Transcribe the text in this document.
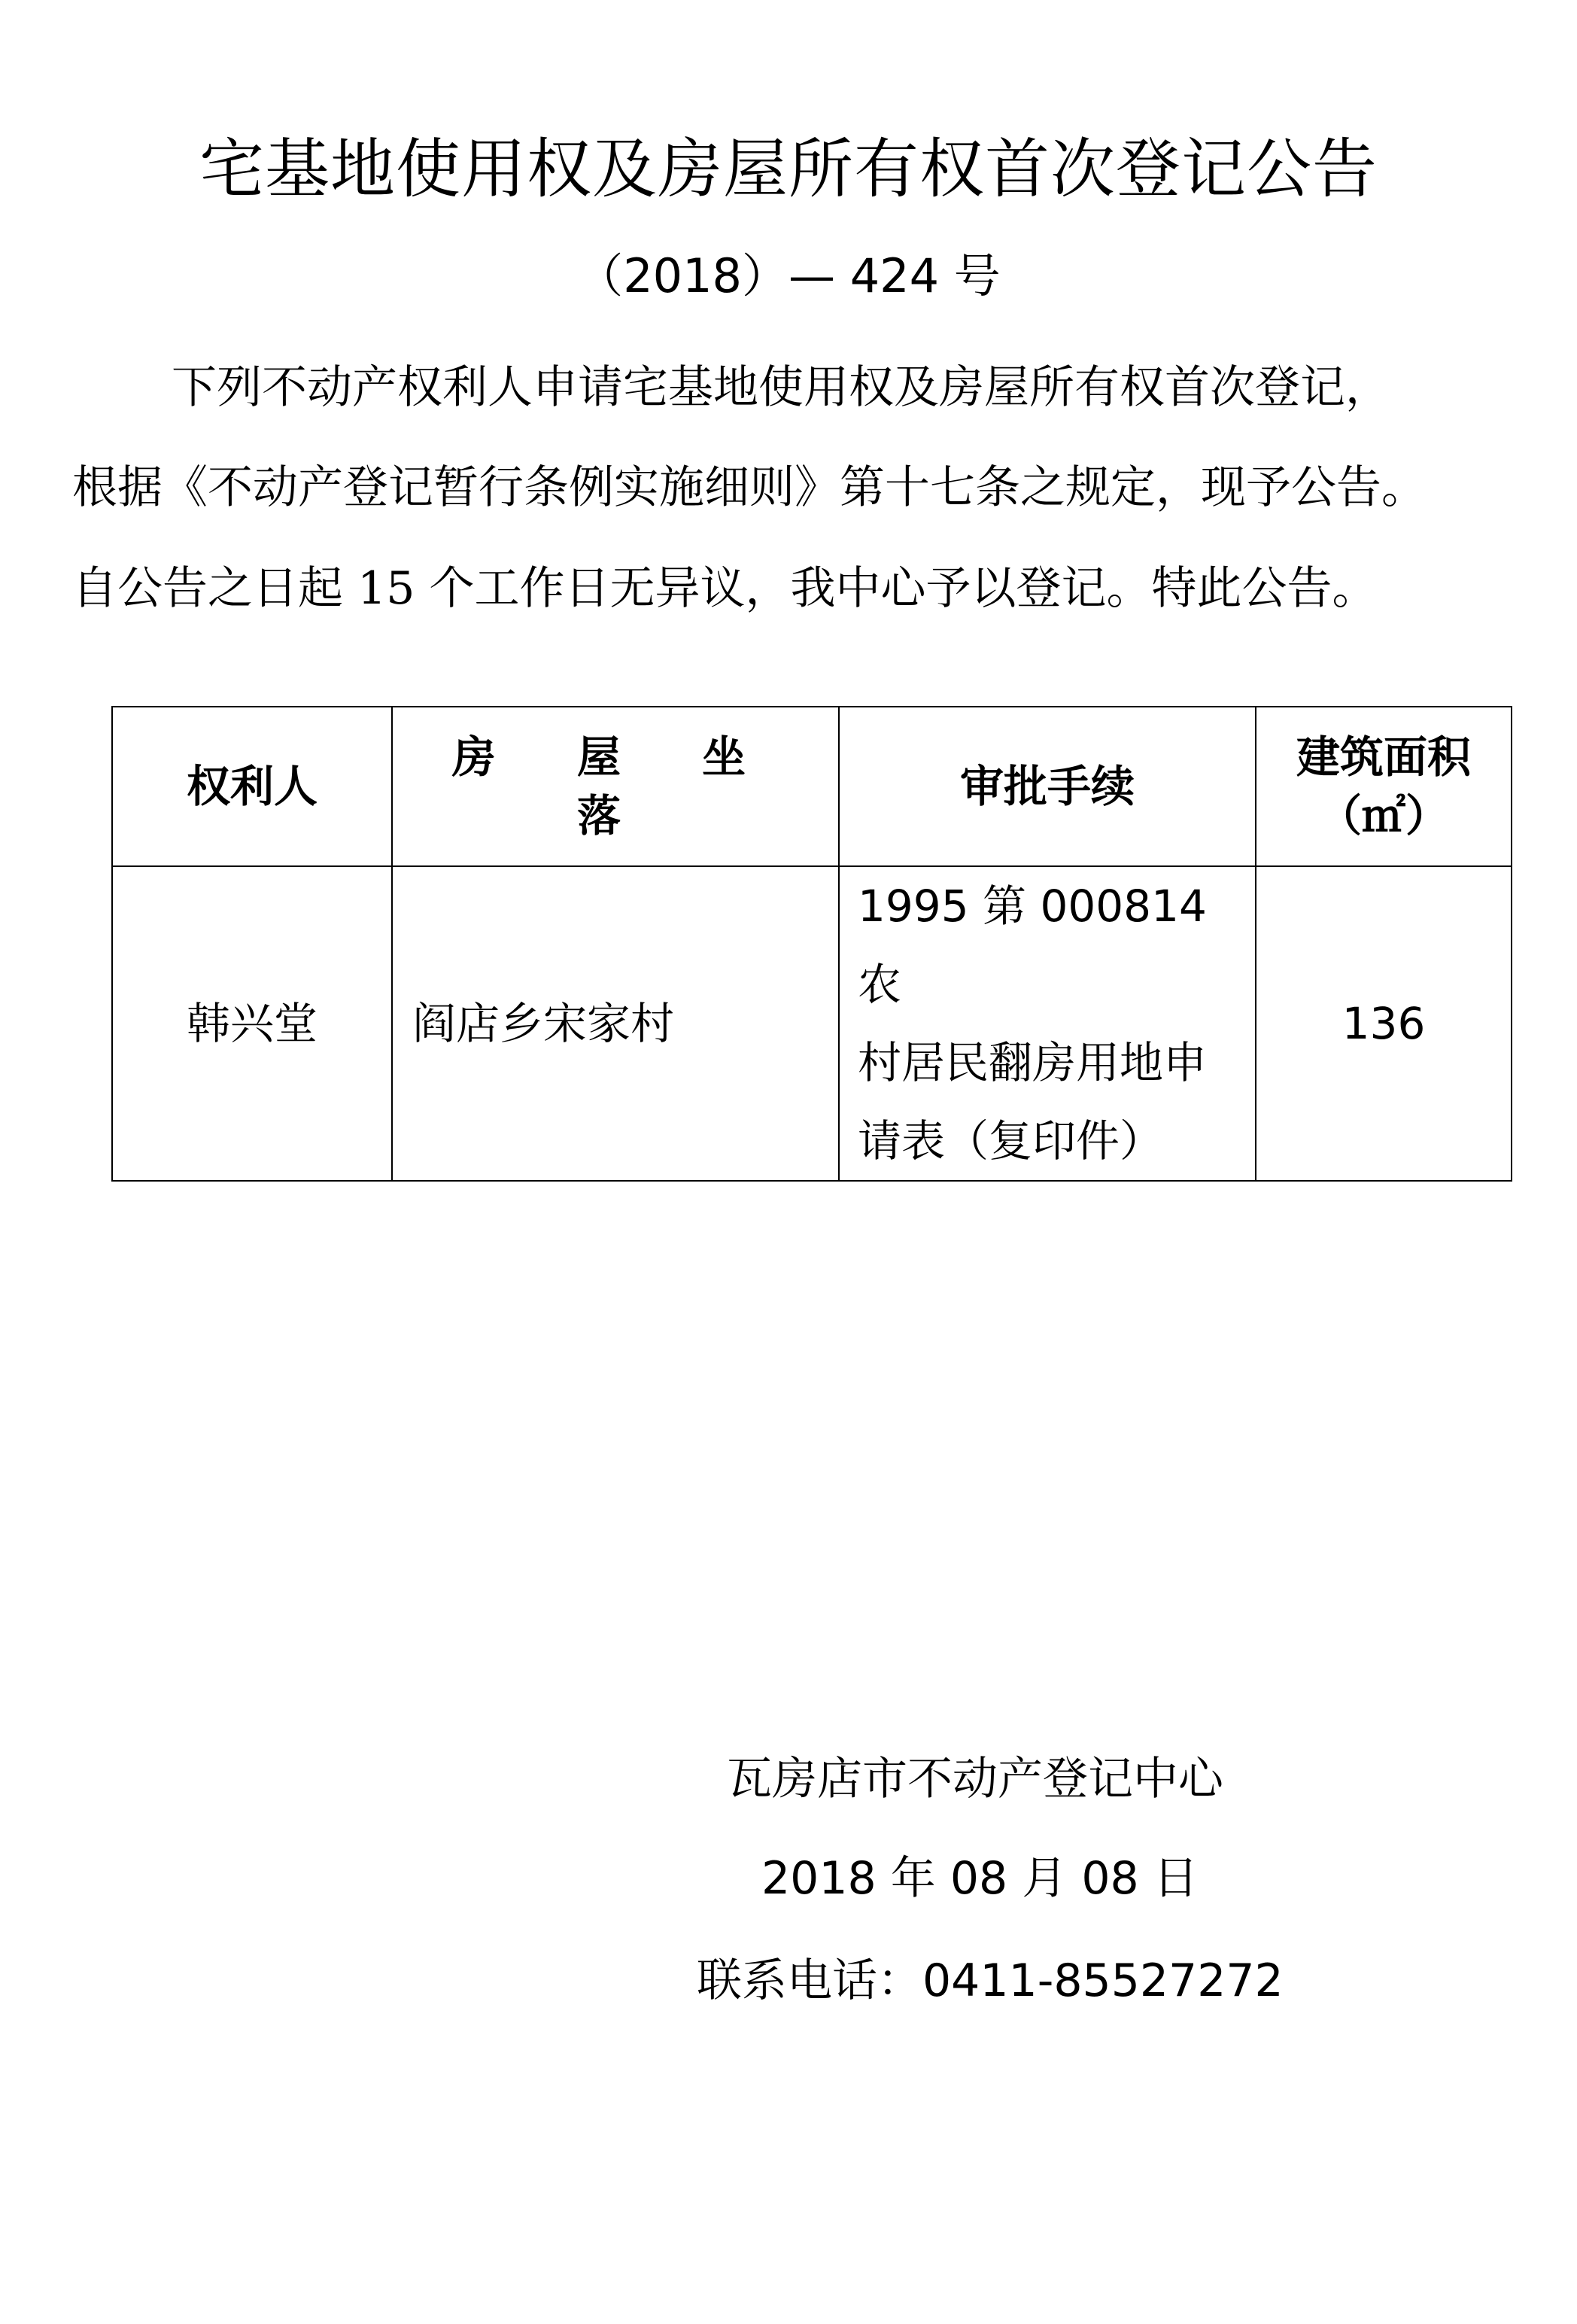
宅基地使用权及房屋所有权首次登记公告
（2018）— 424 号
下列不动产权利人申请宅基地使用权及房屋所有权首次登记，
根据《不动产登记暂行条例实施细则》第十七条之规定，现予公告。
自公告之日起 15 个工作日无异议，我中心予以登记。特此公告。
权利人	房 屋 坐 落	审批手续	建筑面积
（㎡）

韩兴堂	阎店乡宋家村	1995 第 000814 农
村居民翻房用地申
请表（复印件）	136
瓦房店市不动产登记中心
2018 年 08 月 08 日
联系电话：0411-85527272
